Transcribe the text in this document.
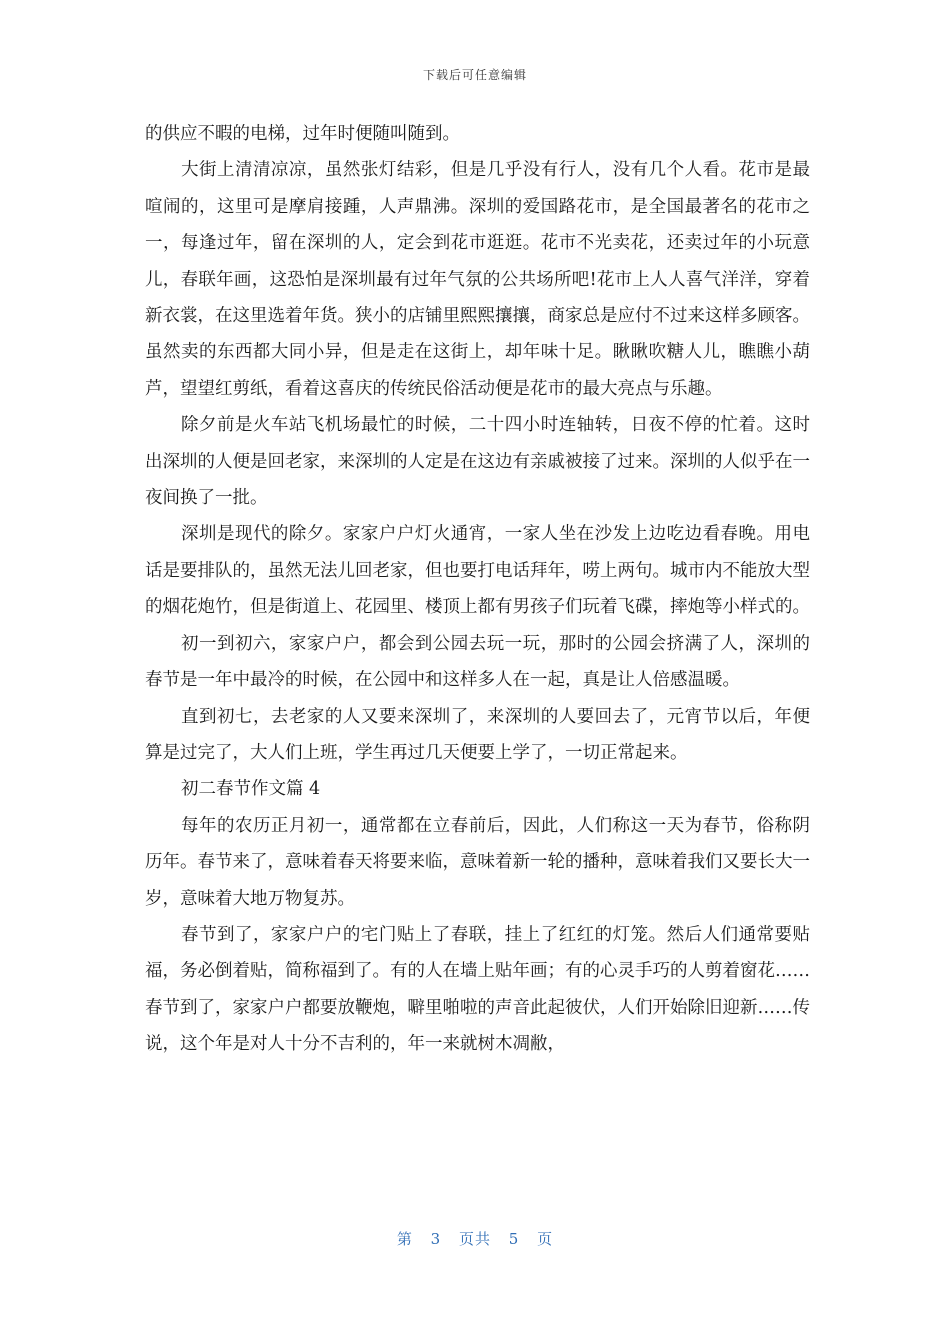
下载后可任意编辑

的供应不暇的电梯，过年时便随叫随到。

大街上清清凉凉，虽然张灯结彩，但是几乎没有行人，没有几个人看。花市是最喧闹的，这里可是摩肩接踵，人声鼎沸。深圳的爱国路花市，是全国最著名的花市之一，每逢过年，留在深圳的人，定会到花市逛逛。花市不光卖花，还卖过年的小玩意儿，春联年画，这恐怕是深圳最有过年气氛的公共场所吧!花市上人人喜气洋洋，穿着新衣裳，在这里选着年货。狭小的店铺里熙熙攘攘，商家总是应付不过来这样多顾客。虽然卖的东西都大同小异，但是走在这街上，却年味十足。瞅瞅吹糖人儿，瞧瞧小葫芦，望望红剪纸，看着这喜庆的传统民俗活动便是花市的最大亮点与乐趣。

除夕前是火车站飞机场最忙的时候，二十四小时连轴转，日夜不停的忙着。这时出深圳的人便是回老家，来深圳的人定是在这边有亲戚被接了过来。深圳的人似乎在一夜间换了一批。

深圳是现代的除夕。家家户户灯火通宵，一家人坐在沙发上边吃边看春晚。用电话是要排队的，虽然无法儿回老家，但也要打电话拜年，唠上两句。城市内不能放大型的烟花炮竹，但是街道上、花园里、楼顶上都有男孩子们玩着飞碟，摔炮等小样式的。

初一到初六，家家户户，都会到公园去玩一玩，那时的公园会挤满了人，深圳的春节是一年中最冷的时候，在公园中和这样多人在一起，真是让人倍感温暖。

直到初七，去老家的人又要来深圳了，来深圳的人要回去了，元宵节以后，年便算是过完了，大人们上班，学生再过几天便要上学了，一切正常起来。

初二春节作文篇 4

每年的农历正月初一，通常都在立春前后，因此，人们称这一天为春节，俗称阴历年。春节来了，意味着春天将要来临，意味着新一轮的播种，意味着我们又要长大一岁，意味着大地万物复苏。

春节到了，家家户户的宅门贴上了春联，挂上了红红的灯笼。然后人们通常要贴福，务必倒着贴，简称福到了。有的人在墙上贴年画；有的心灵手巧的人剪着窗花……春节到了，家家户户都要放鞭炮，噼里啪啦的声音此起彼伏，人们开始除旧迎新……传说，这个年是对人十分不吉利的，年一来就树木凋敝，

第 3 页共 5 页
